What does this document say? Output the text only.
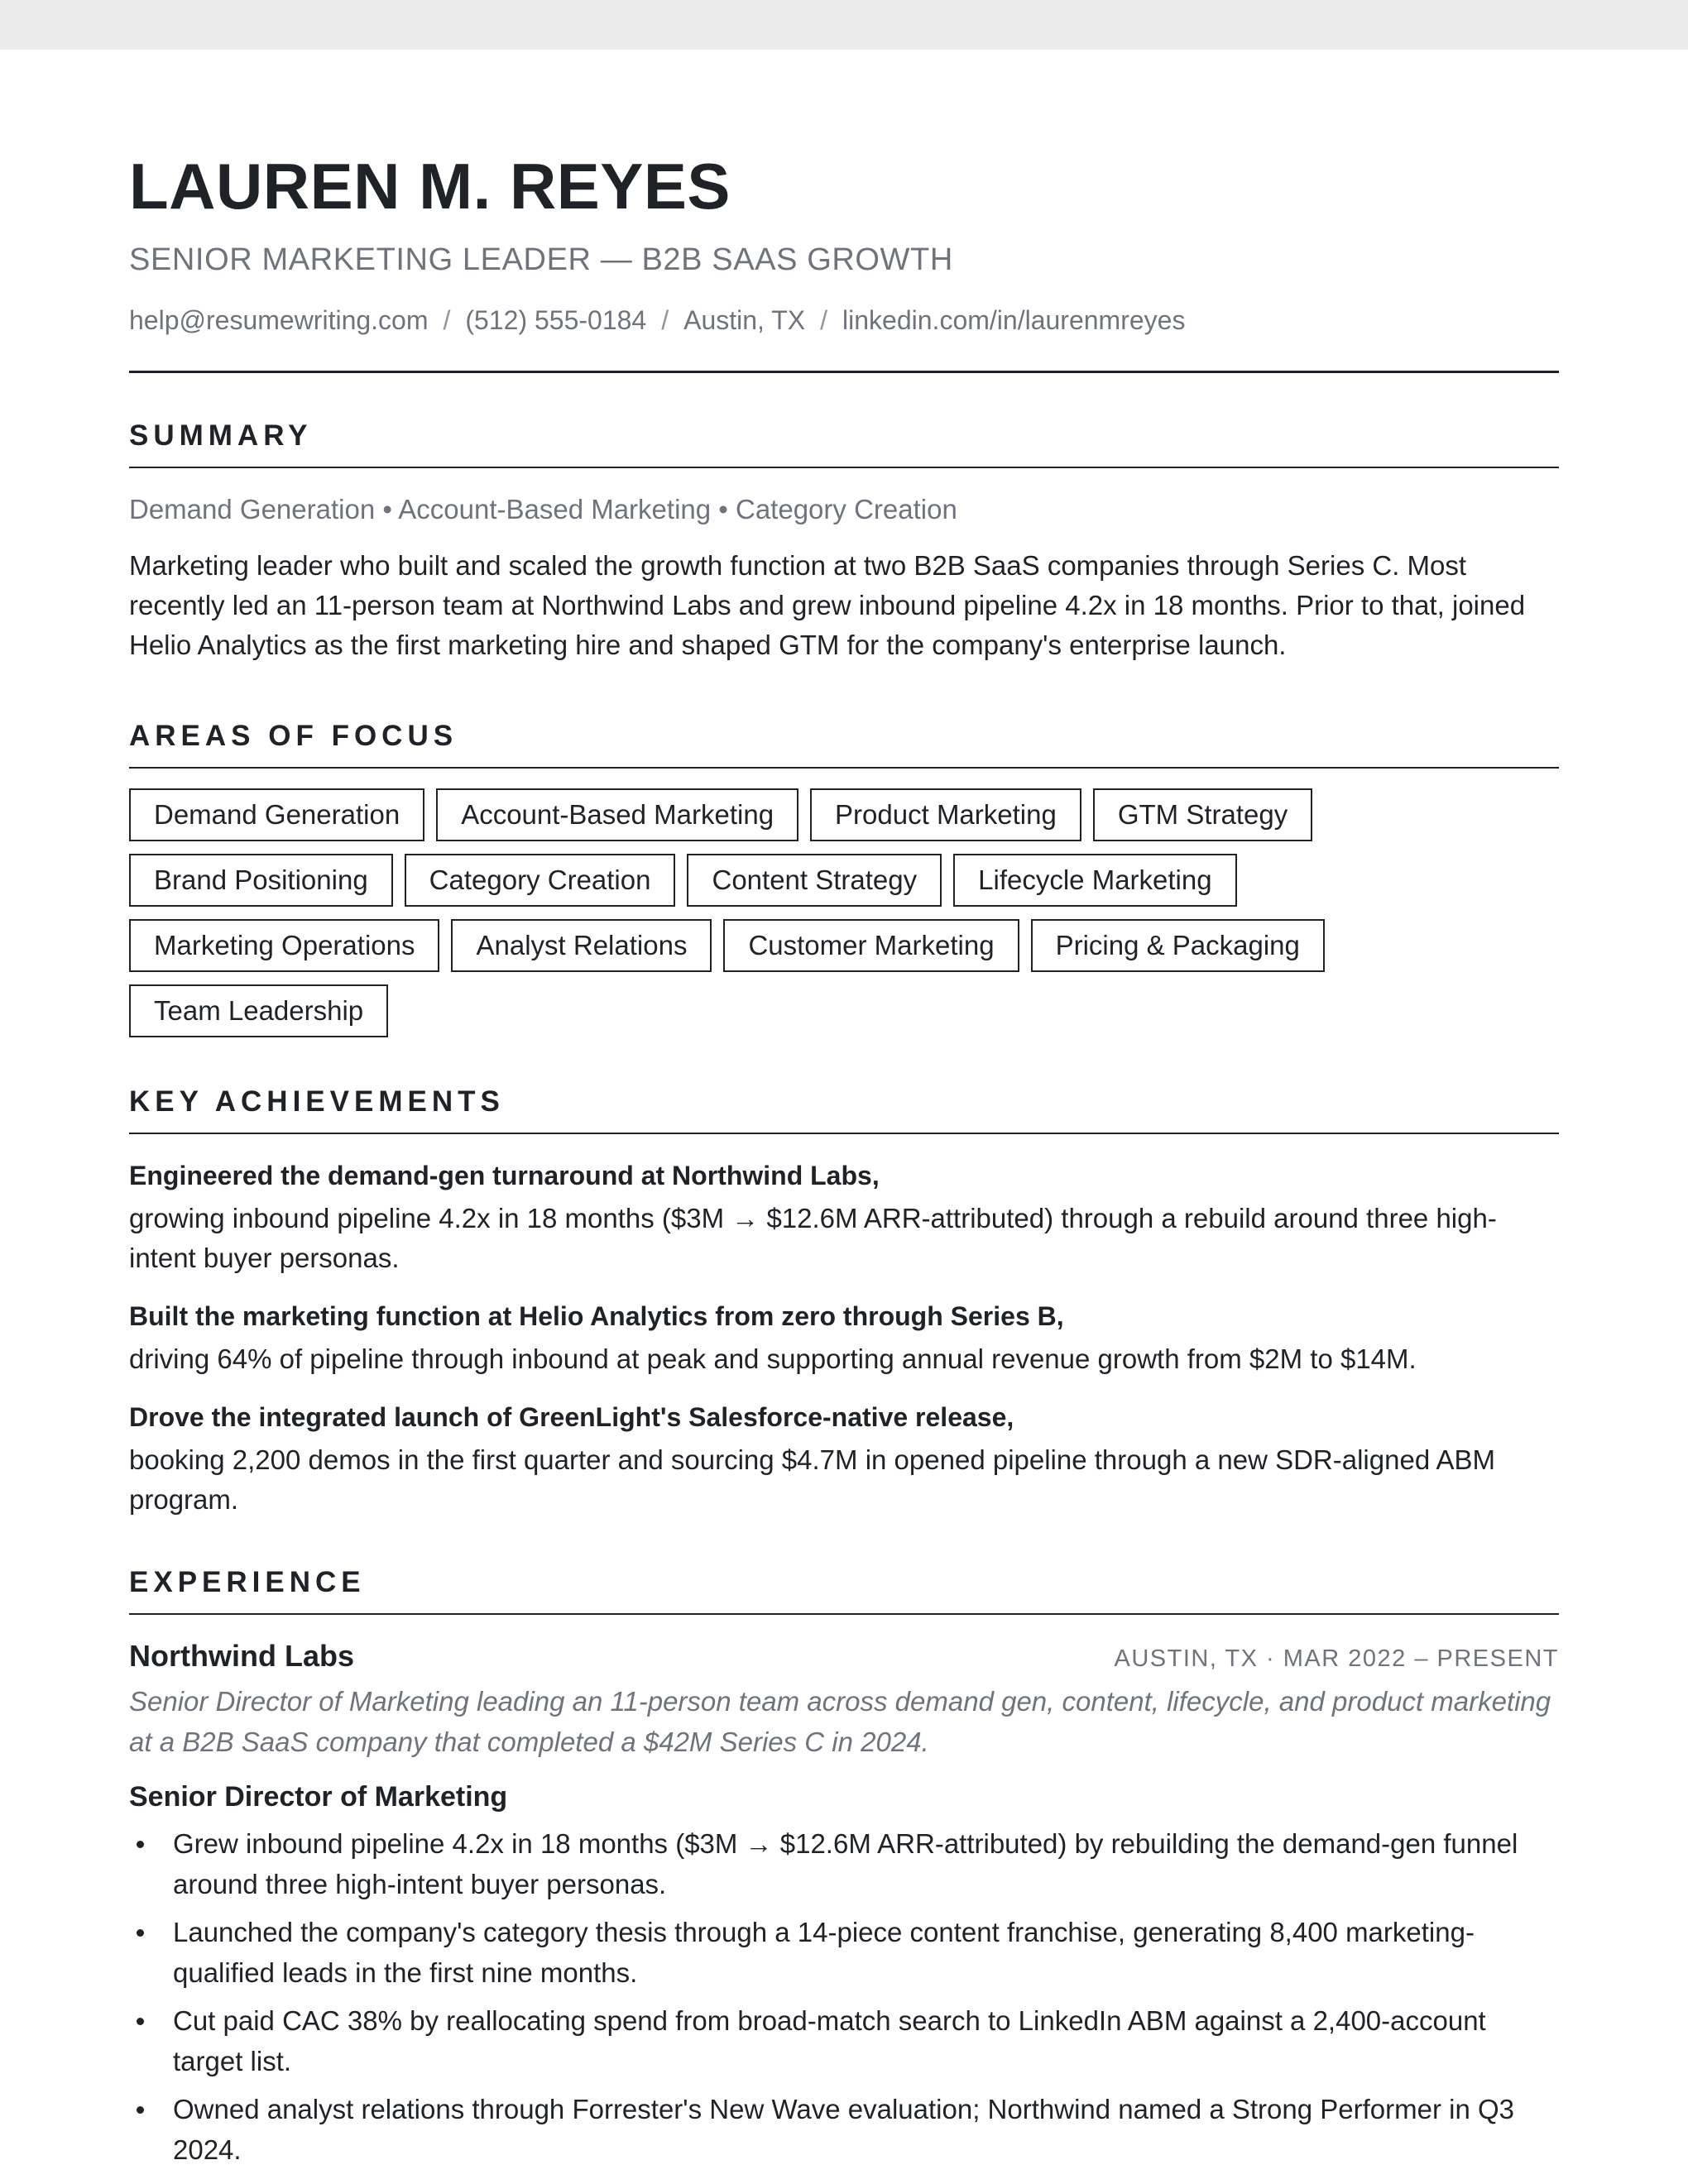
LAUREN M. REYES
SENIOR MARKETING LEADER — B2B SAAS GROWTH
help@resumewriting.com / (512) 555-0184 / Austin, TX / linkedin.com/in/laurenmreyes
SUMMARY
Demand Generation • Account-Based Marketing • Category Creation

Marketing leader who built and scaled the growth function at two B2B SaaS companies through Series C. Most recently led an 11-person team at Northwind Labs and grew inbound pipeline 4.2x in 18 months. Prior to that, joined Helio Analytics as the first marketing hire and shaped GTM for the company's enterprise launch.

AREAS OF FOCUS
Demand Generation	Account-Based Marketing	Product Marketing	GTM Strategy
Brand Positioning	Category Creation	Content Strategy	Lifecycle Marketing
Marketing Operations	Analyst Relations	Customer Marketing	Pricing & Packaging
Team Leadership
KEY ACHIEVEMENTS
Engineered the demand-gen turnaround at Northwind Labs,
growing inbound pipeline 4.2x in 18 months ($3M → $12.6M ARR-attributed) through a rebuild around three high-intent buyer personas.
Built the marketing function at Helio Analytics from zero through Series B,
driving 64% of pipeline through inbound at peak and supporting annual revenue growth from $2M to $14M.
Drove the integrated launch of GreenLight's Salesforce-native release,
booking 2,200 demos in the first quarter and sourcing $4.7M in opened pipeline through a new SDR-aligned ABM program.
EXPERIENCE
Northwind Labs	AUSTIN, TX · MAR 2022 – PRESENT

Senior Director of Marketing leading an 11-person team across demand gen, content, lifecycle, and product marketing at a B2B SaaS company that completed a $42M Series C in 2024.

Senior Director of Marketing
Grew inbound pipeline 4.2x in 18 months ($3M → $12.6M ARR-attributed) by rebuilding the demand-gen funnel around three high-intent buyer personas.
Launched the company's category thesis through a 14-piece content franchise, generating 8,400 marketing-qualified leads in the first nine months.
Cut paid CAC 38% by reallocating spend from broad-match search to LinkedIn ABM against a 2,400-account target list.
Owned analyst relations through Forrester's New Wave evaluation; Northwind named a Strong Performer in Q3 2024.
